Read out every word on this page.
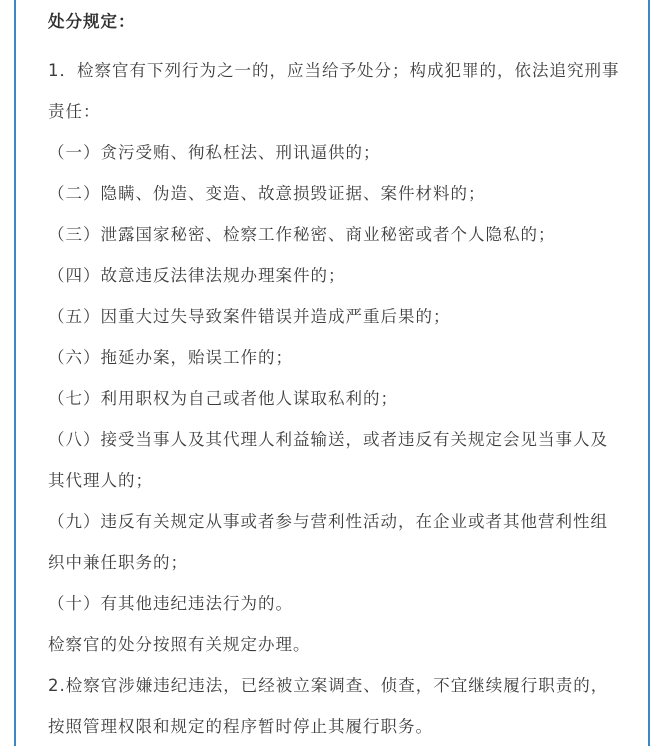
处分规定：

1．检察官有下列行为之一的，应当给予处分；构成犯罪的，依法追究刑事责任：

（一）贪污受贿、徇私枉法、刑讯逼供的；

（二）隐瞒、伪造、变造、故意损毁证据、案件材料的；

（三）泄露国家秘密、检察工作秘密、商业秘密或者个人隐私的；

（四）故意违反法律法规办理案件的；

（五）因重大过失导致案件错误并造成严重后果的；

（六）拖延办案，贻误工作的；

（七）利用职权为自己或者他人谋取私利的；

（八）接受当事人及其代理人利益输送，或者违反有关规定会见当事人及其代理人的；

（九）违反有关规定从事或者参与营利性活动，在企业或者其他营利性组织中兼任职务的；

（十）有其他违纪违法行为的。

检察官的处分按照有关规定办理。

2.检察官涉嫌违纪违法，已经被立案调查、侦查，不宜继续履行职责的，按照管理权限和规定的程序暂时停止其履行职务。
